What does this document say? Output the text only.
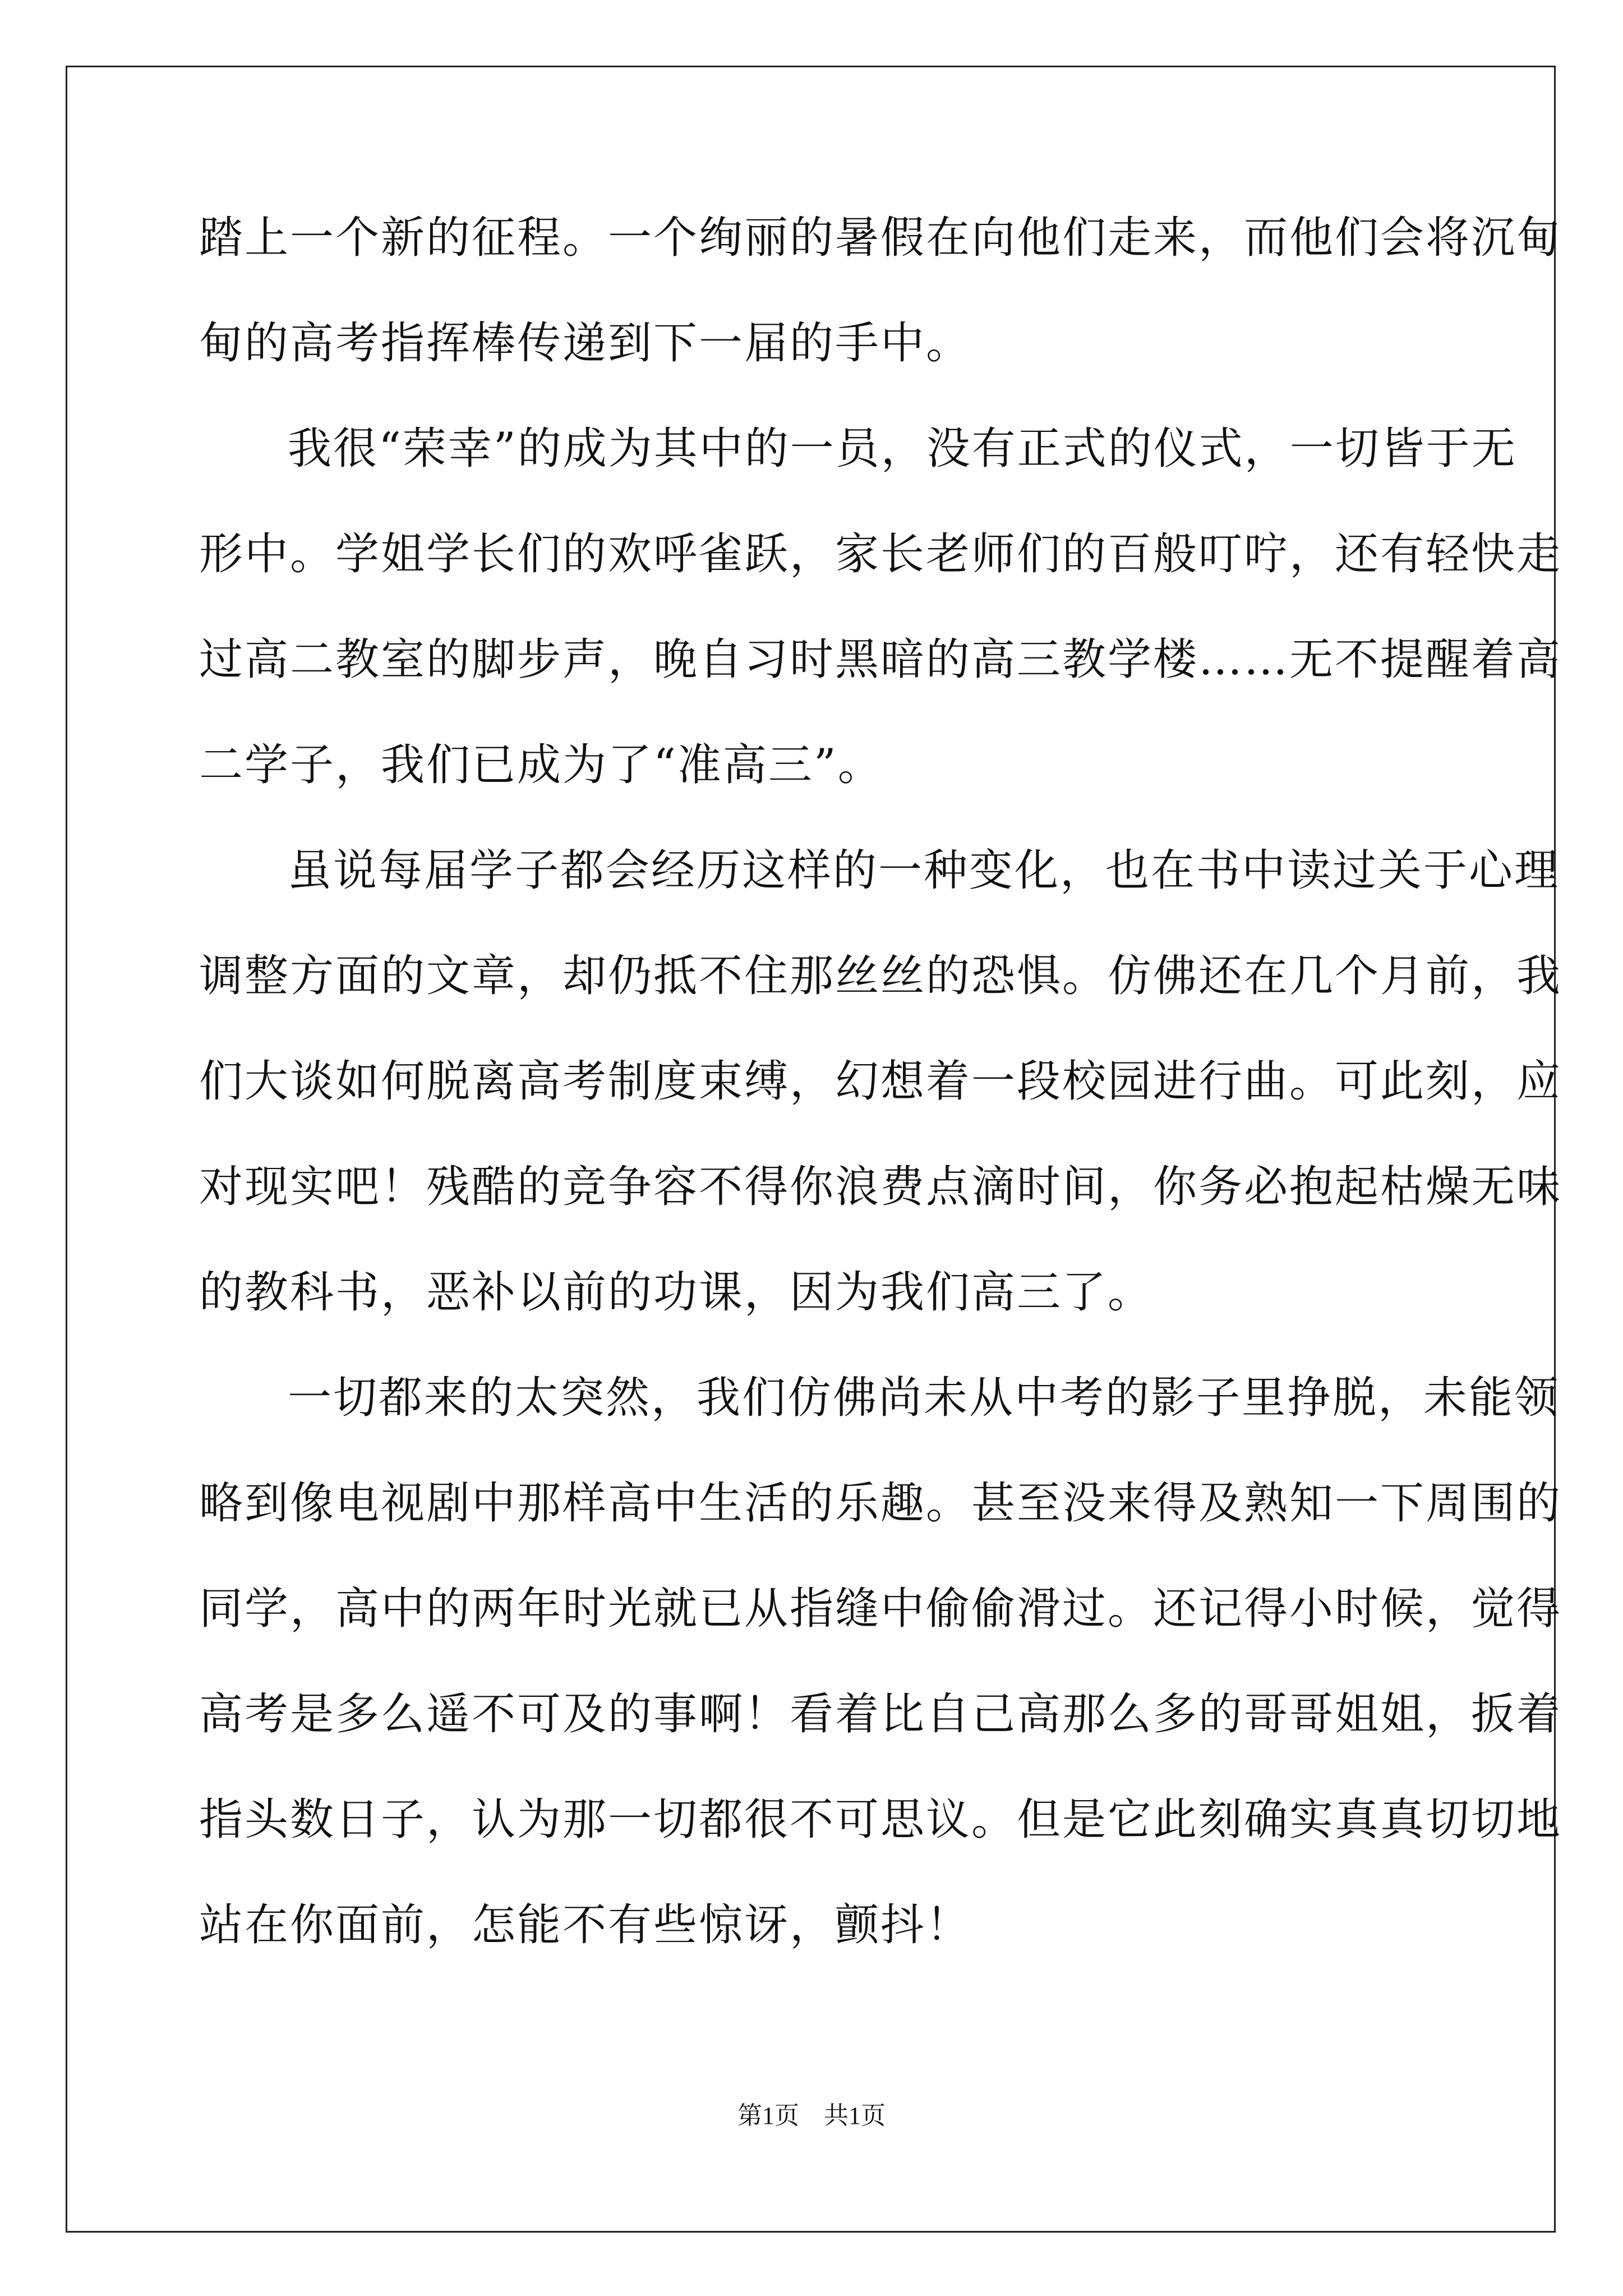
踏上一个新的征程。一个绚丽的暑假在向他们走来，而他们会将沉甸
甸的高考指挥棒传递到下一届的手中。
我很“荣幸”的成为其中的一员，没有正式的仪式，一切皆于无
形中。学姐学长们的欢呼雀跃，家长老师们的百般叮咛，还有轻快走
过高二教室的脚步声，晚自习时黑暗的高三教学楼……无不提醒着高
二学子，我们已成为了“准高三”。
虽说每届学子都会经历这样的一种变化，也在书中读过关于心理
调整方面的文章，却仍抵不住那丝丝的恐惧。仿佛还在几个月前，我
们大谈如何脱离高考制度束缚，幻想着一段校园进行曲。可此刻，应
对现实吧！残酷的竞争容不得你浪费点滴时间，你务必抱起枯燥无味
的教科书，恶补以前的功课，因为我们高三了。
一切都来的太突然，我们仿佛尚未从中考的影子里挣脱，未能领
略到像电视剧中那样高中生活的乐趣。甚至没来得及熟知一下周围的
同学，高中的两年时光就已从指缝中偷偷滑过。还记得小时候，觉得
高考是多么遥不可及的事啊！看着比自己高那么多的哥哥姐姐，扳着
指头数日子，认为那一切都很不可思议。但是它此刻确实真真切切地
站在你面前，怎能不有些惊讶，颤抖！
第1页　共1页
